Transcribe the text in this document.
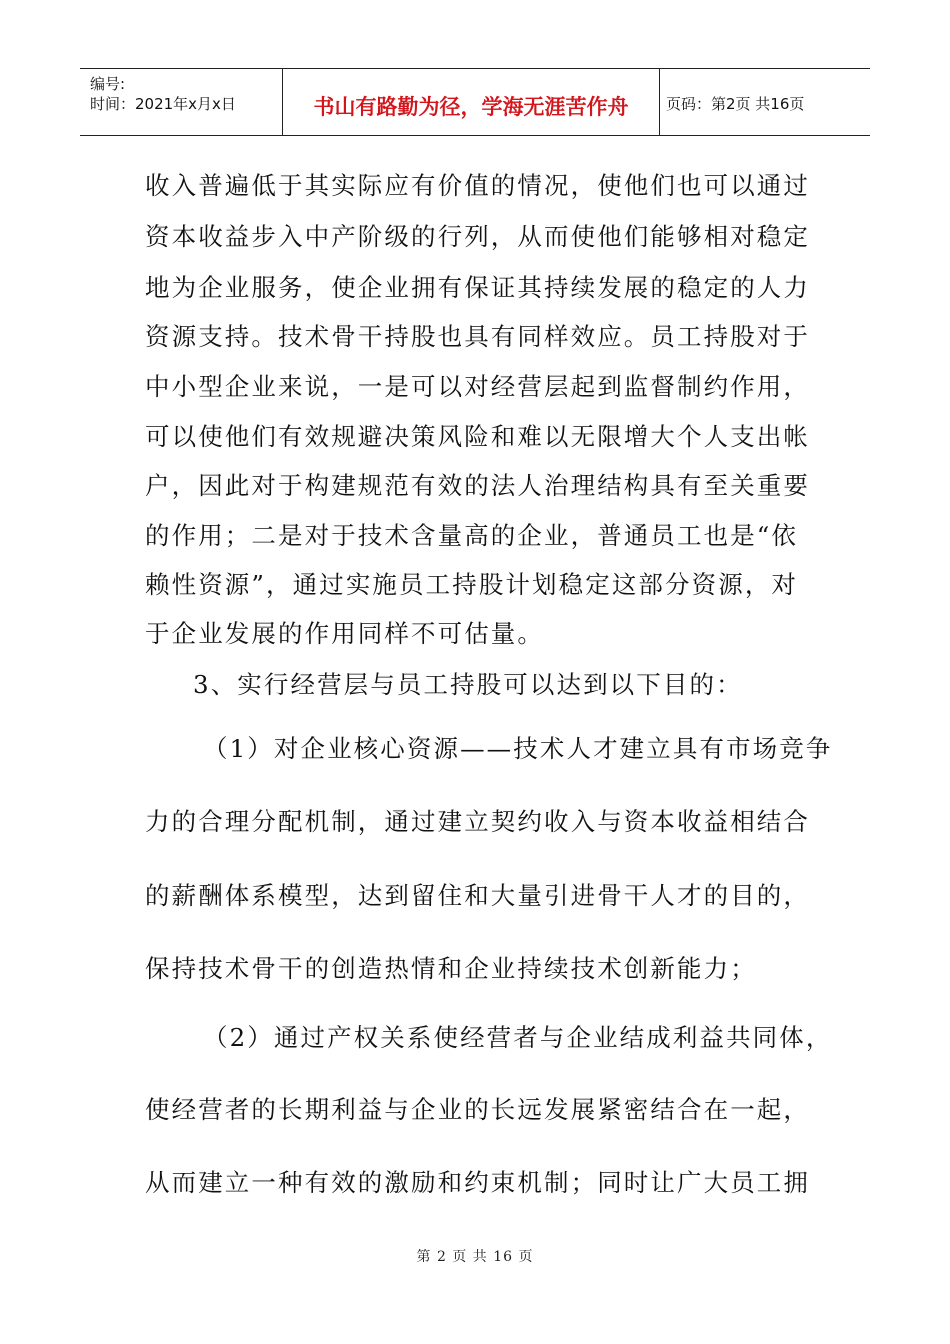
编号:
时间：2021年x月x日	书山有路勤为径，学海无涯苦作舟	页码：第2页 共16页
收入普遍低于其实际应有价值的情况，使他们也可以通过
资本收益步入中产阶级的行列，从而使他们能够相对稳定
地为企业服务，使企业拥有保证其持续发展的稳定的人力
资源支持。技术骨干持股也具有同样效应。员工持股对于
中小型企业来说，一是可以对经营层起到监督制约作用，
可以使他们有效规避决策风险和难以无限增大个人支出帐
户，因此对于构建规范有效的法人治理结构具有至关重要
的作用；二是对于技术含量高的企业，普通员工也是“依
赖性资源”，通过实施员工持股计划稳定这部分资源，对
于企业发展的作用同样不可估量。
3、实行经营层与员工持股可以达到以下目的：
（1）对企业核心资源——技术人才建立具有市场竞争
力的合理分配机制，通过建立契约收入与资本收益相结合
的薪酬体系模型，达到留住和大量引进骨干人才的目的，
保持技术骨干的创造热情和企业持续技术创新能力；
（2）通过产权关系使经营者与企业结成利益共同体，
使经营者的长期利益与企业的长远发展紧密结合在一起，
从而建立一种有效的激励和约束机制；同时让广大员工拥
第 2 页 共 16 页
